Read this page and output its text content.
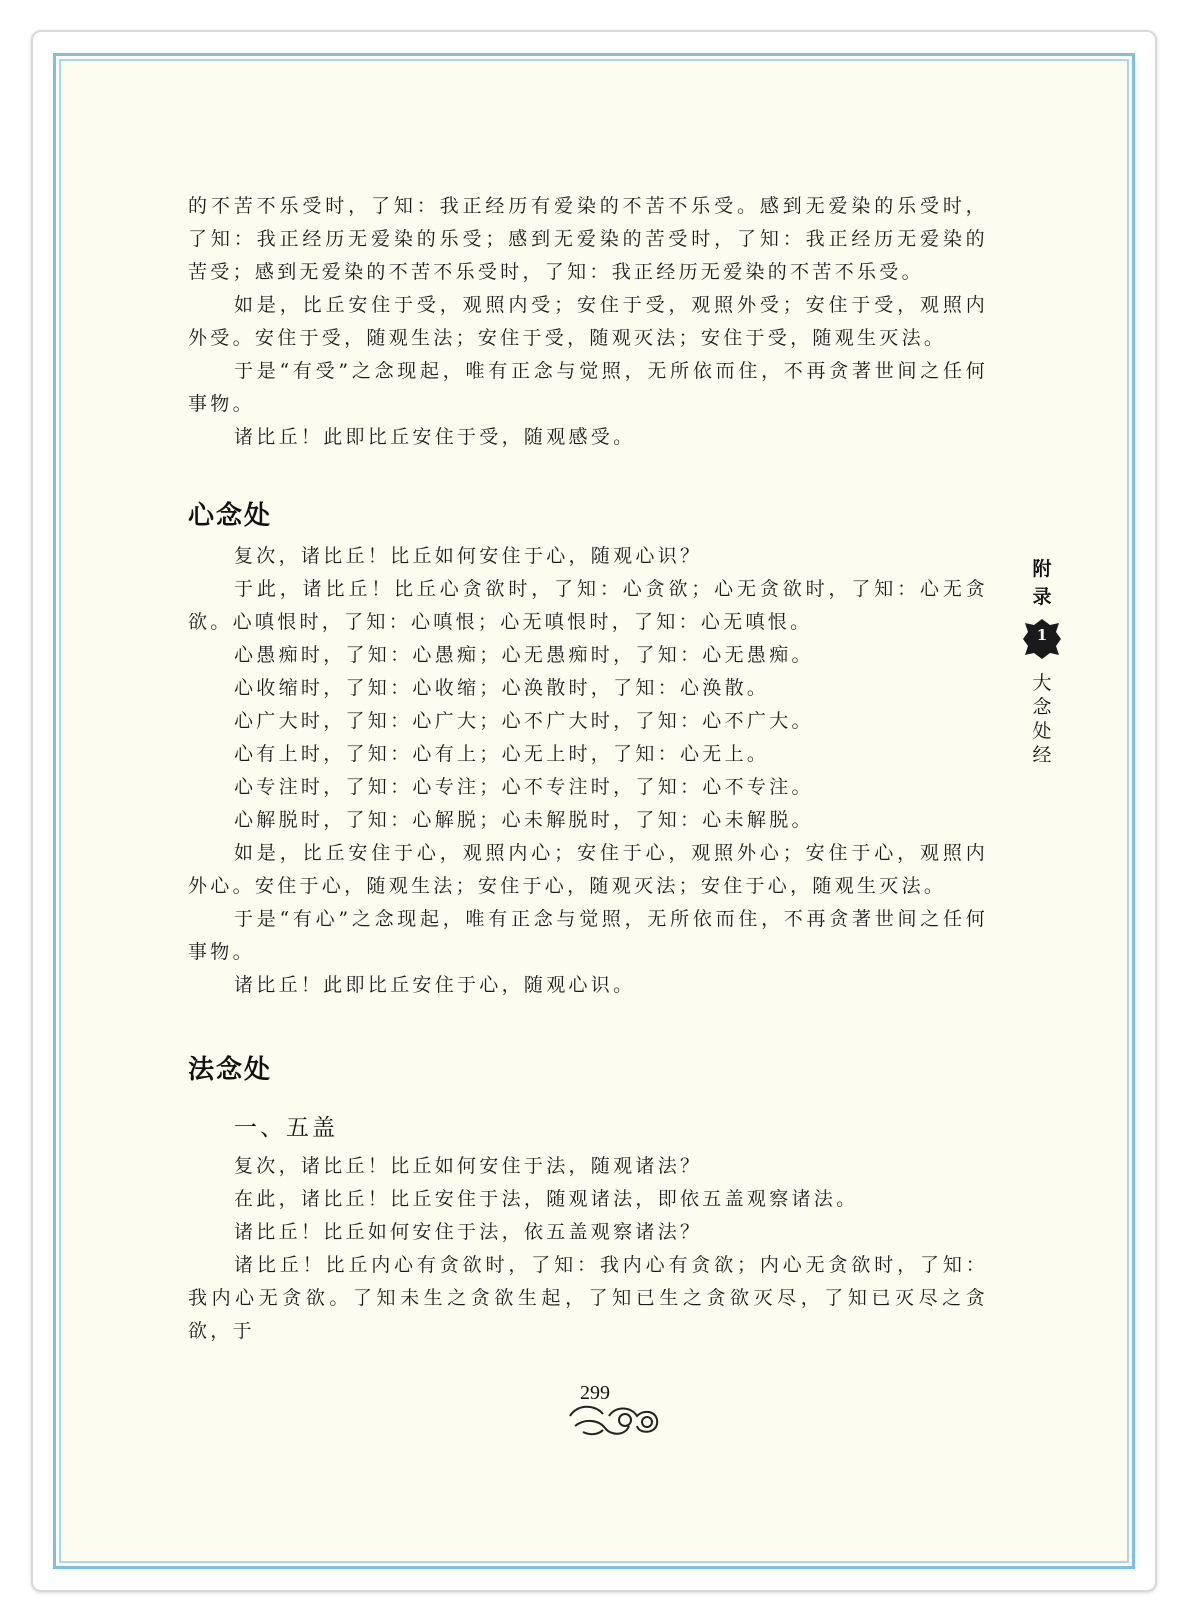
的不苦不乐受时，了知：我正经历有爱染的不苦不乐受。感到无爱染的乐受时，了知：我正经历无爱染的乐受；感到无爱染的苦受时，了知：我正经历无爱染的苦受；感到无爱染的不苦不乐受时，了知：我正经历无爱染的不苦不乐受。

如是，比丘安住于受，观照内受；安住于受，观照外受；安住于受，观照内外受。安住于受，随观生法；安住于受，随观灭法；安住于受，随观生灭法。

于是“有受”之念现起，唯有正念与觉照，无所依而住，不再贪著世间之任何事物。

诸比丘！此即比丘安住于受，随观感受。

心念处

复次，诸比丘！比丘如何安住于心，随观心识？

于此，诸比丘！比丘心贪欲时，了知：心贪欲；心无贪欲时，了知：心无贪欲。心嗔恨时，了知：心嗔恨；心无嗔恨时，了知：心无嗔恨。

心愚痴时，了知：心愚痴；心无愚痴时，了知：心无愚痴。

心收缩时，了知：心收缩；心涣散时，了知：心涣散。

心广大时，了知：心广大；心不广大时，了知：心不广大。

心有上时，了知：心有上；心无上时，了知：心无上。

心专注时，了知：心专注；心不专注时，了知：心不专注。

心解脱时，了知：心解脱；心未解脱时，了知：心未解脱。

如是，比丘安住于心，观照内心；安住于心，观照外心；安住于心，观照内外心。安住于心，随观生法；安住于心，随观灭法；安住于心，随观生灭法。

于是“有心”之念现起，唯有正念与觉照，无所依而住，不再贪著世间之任何事物。

诸比丘！此即比丘安住于心，随观心识。

法念处
一、五盖

复次，诸比丘！比丘如何安住于法，随观诸法？

在此，诸比丘！比丘安住于法，随观诸法，即依五盖观察诸法。

诸比丘！比丘如何安住于法，依五盖观察诸法？

诸比丘！比丘内心有贪欲时，了知：我内心有贪欲；内心无贪欲时，了知：我内心无贪欲。了知未生之贪欲生起，了知已生之贪欲灭尽，了知已灭尽之贪欲，于

附
录
1
大
念
处
经
299
